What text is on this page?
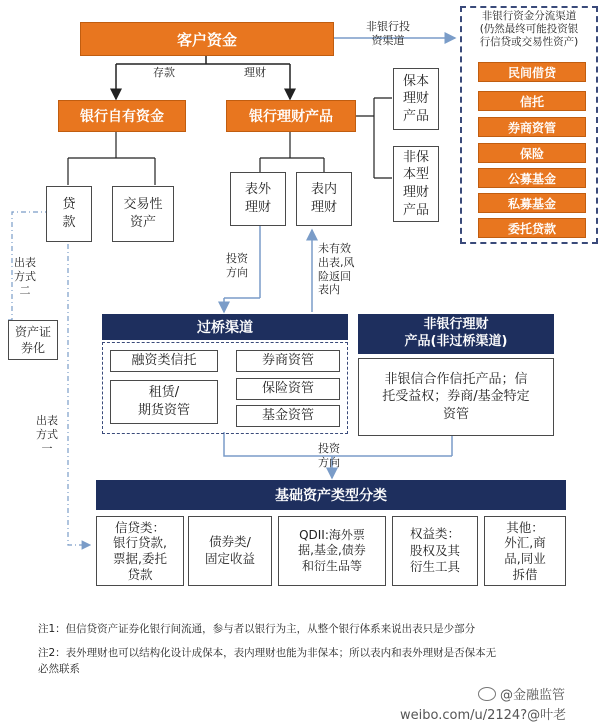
客户资金
存款	理财
非银行投
资渠道
银行自有资金	银行理财产品
贷
款
交易性
资产
保本
理财
产品
非保
本型
理财
产品
表外
理财
表内
理财
非银行资金分流渠道
(仍然最终可能投资银
行信贷或交易性资产)
民间借贷
信托
券商资管
保险
公募基金
私募基金
委托贷款
出表
方式
二
资产证
券化
出表
方式
一
投资
方向
未有效
出表,风
险返回
表内
投资
方向
过桥渠道
融资类信托	券商资管
租赁/
期货资管
保险资管
基金资管
非银行理财
产品(非过桥渠道)
非银信合作信托产品；信
托受益权；券商/基金特定
资管
基础资产类型分类
信贷类：
银行贷款,
票据,委托
贷款
债券类/
固定收益
QDII:海外票
据,基金,债券
和衍生品等
权益类：
股权及其
衍生工具
其他：
外汇,商
品,同业
拆借
注1：但信贷资产证券化银行间流通，参与者以银行为主，从整个银行体系来说出表只是少部分
注2：表外理财也可以结构化设计成保本，表内理财也能为非保本；所以表内和表外理财是否保本无
必然联系
@金融监管
weibo.com/u/2124?@叶老
